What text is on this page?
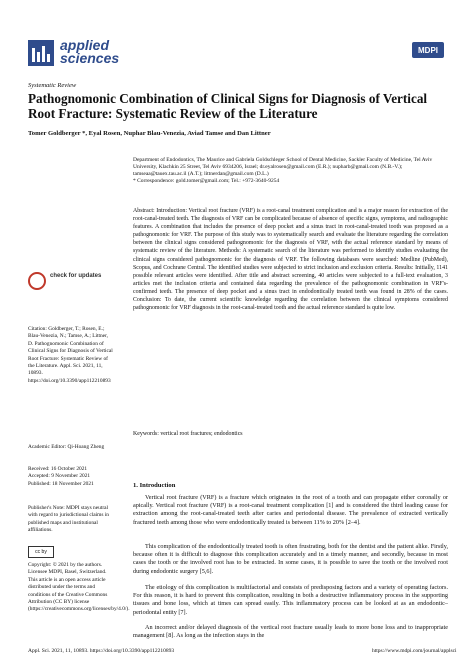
applied
sciences	MDPI
Systematic Review
Pathognomonic Combination of Clinical Signs for Diagnosis of Vertical Root Fracture: Systematic Review of the Literature
Tomer Goldberger *, Eyal Rosen, Nuphar Blau-Venezia, Aviad Tamse and Dan Littner
Department of Endodontics, The Maurice and Gabriela Goldschleger School of Dental Medicine, Sackler Faculty of Medicine, Tel Aviv University, Klachkin 25 Street, Tel Aviv 6934206, Israel; dr.eyalrosen@gmail.com (E.R.); nupharb@gmail.com (N.B.-V.); tamseaa@tauex.tau.ac.il (A.T.); littnerdan@gmail.com (D.L.)
* Correspondence: gold.tomer@gmail.com; Tel.: +972-3640-9254
Abstract: Introduction: Vertical root fracture (VRF) is a root-canal treatment complication and is a major reason for extraction of the root-canal-treated teeth. The diagnosis of VRF can be complicated because of absence of specific signs, symptoms, and radiographic features. A combination that includes the presence of deep pocket and a sinus tract in root-canal-treated tooth was proposed as a pathognomonic for VRF. The purpose of this study was to systematically search and evaluate the literature regarding the correlation between the clinical signs considered pathognomonic for the diagnosis of VRF, with the actual reference standard by means of systematic review of the literature. Methods: A systematic search of the literature was performed to identify studies evaluating the clinical signs considered pathognomonic for the diagnosis of VRF. The following databases were searched: Medline (PubMed), Scopus, and Cochrane Central. The identified studies were subjected to strict inclusion and exclusion criteria. Results: Initially, 1141 possible relevant articles were identified. After title and abstract screening, 40 articles were subjected to a full-text evaluation, 3 articles met the inclusion criteria and contained data regarding the prevalence of the pathognomonic combination in VRF's-confirmed teeth. The presence of deep pocket and a sinus tract in endodontically treated teeth was found in 28% of the cases. Conclusion: To date, the current scientific knowledge regarding the correlation between the clinical symptoms considered pathognomonic for VRF diagnosis in the root-canal-treated tooth and the actual reference standard is quite low.
Keywords: vertical root fractures; endodontics
check for updates
Citation: Goldberger, T.; Rosen, E.; Blau-Venezia, N.; Tamse, A.; Littner, D. Pathognomonic Combination of Clinical Signs for Diagnosis of Vertical Root Fracture: Systematic Review of the Literature. Appl. Sci. 2021, 11, 10893. https://doi.org/10.3390/app112210893
Academic Editor: Qi-Hoang Zheng
Received: 16 October 2021
Accepted: 9 November 2021
Published: 18 November 2021
Publisher's Note: MDPI stays neutral with regard to jurisdictional claims in published maps and institutional affiliations.
cc by
Copyright: © 2021 by the authors. Licensee MDPI, Basel, Switzerland. This article is an open access article distributed under the terms and conditions of the Creative Commons Attribution (CC BY) license (https://creativecommons.org/licenses/by/4.0/).
1. Introduction
Vertical root fracture (VRF) is a fracture which originates in the root of a tooth and can propagate either coronally or apically. Vertical root fracture (VRF) is a root-canal treatment complication [1] and is considered the third leading cause for extraction among the root-canal-treated teeth after caries and periodontal disease. The prevalence of extracted vertically fractured teeth among those who were endodontically treated is between 11% to 20% [2–4].
This complication of the endodontically treated tooth is often frustrating, both for the dentist and the patient alike. Firstly, because often it is difficult to diagnose this complication accurately and in a timely manner, and secondly, because in most cases the tooth or the involved root has to be extracted. In some cases, it is possible to save the tooth or the involved root during endodontic surgery [5,6].
The etiology of this complication is multifactorial and consists of predisposing factors and a variety of operating factors. For this reason, it is hard to prevent this complication, resulting in both a destructive inflammatory process in the supporting tissues and bone loss, which at times can spread easily. This inflammatory process can be looked at as an endodontic–periodontal entity [7].
An incorrect and/or delayed diagnosis of the vertical root fracture usually leads to more bone loss and to inappropriate management [8]. As long as the infection stays in the
Appl. Sci. 2021, 11, 10893. https://doi.org/10.3390/app112210893	https://www.mdpi.com/journal/applsci
